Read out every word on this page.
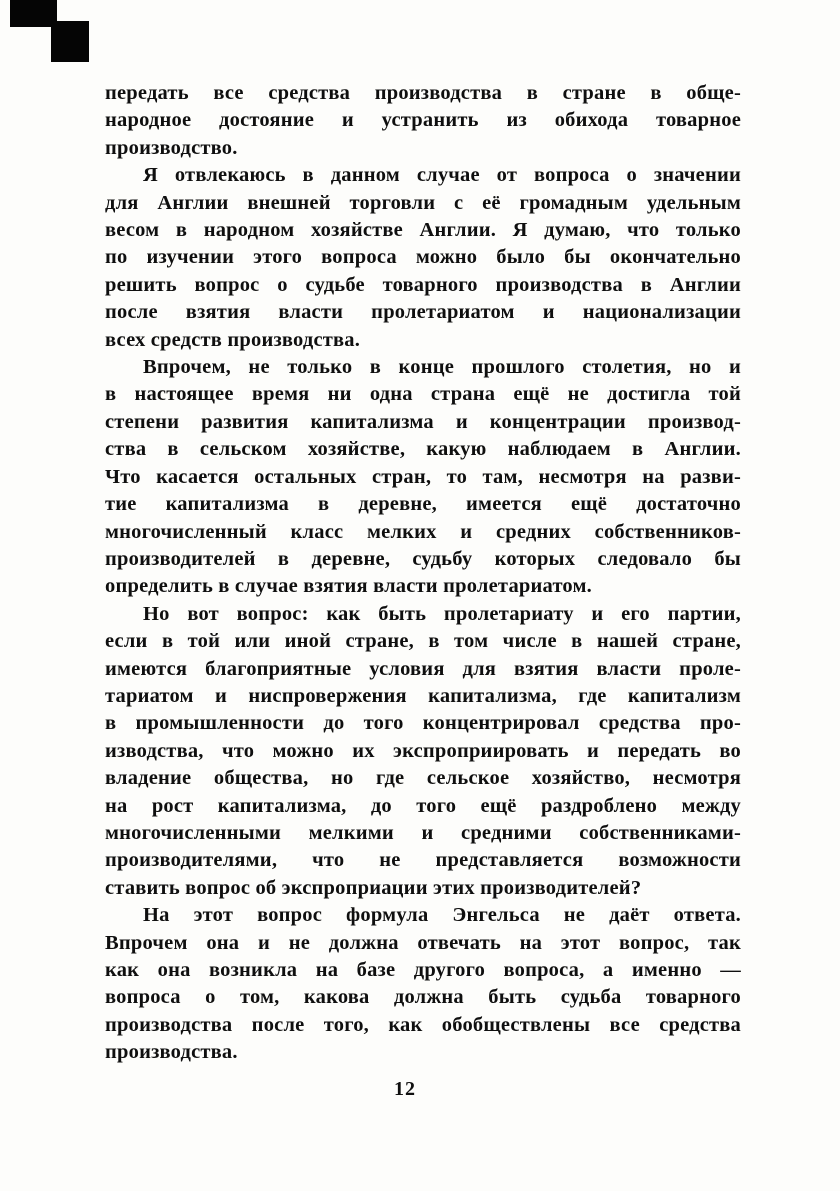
передать все средства производства в стране в обще-
народное достояние и устранить из обихода товарное
производство.
Я отвлекаюсь в данном случае от вопроса о значении
для Англии внешней торговли с её громадным удельным
весом в народном хозяйстве Англии. Я думаю, что только
по изучении этого вопроса можно было бы окончательно
решить вопрос о судьбе товарного производства в Англии
после взятия власти пролетариатом и национализации
всех средств производства.
Впрочем, не только в конце прошлого столетия, но и
в настоящее время ни одна страна ещё не достигла той
степени развития капитализма и концентрации производ-
ства в сельском хозяйстве, какую наблюдаем в Англии.
Что касается остальных стран, то там, несмотря на разви-
тие капитализма в деревне, имеется ещё достаточно
многочисленный класс мелких и средних собственников-
производителей в деревне, судьбу которых следовало бы
определить в случае взятия власти пролетариатом.
Но вот вопрос: как быть пролетариату и его партии,
если в той или иной стране, в том числе в нашей стране,
имеются благоприятные условия для взятия власти проле-
тариатом и ниспровержения капитализма, где капитализм
в промышленности до того концентрировал средства про-
изводства, что можно их экспроприировать и передать во
владение общества, но где сельское хозяйство, несмотря
на рост капитализма, до того ещё раздроблено между
многочисленными мелкими и средними собственниками-
производителями, что не представляется возможности
ставить вопрос об экспроприации этих производителей?
На этот вопрос формула Энгельса не даёт ответа.
Впрочем она и не должна отвечать на этот вопрос, так
как она возникла на базе другого вопроса, а именно —
вопроса о том, какова должна быть судьба товарного
производства после того, как обобществлены все средства
производства.
12
